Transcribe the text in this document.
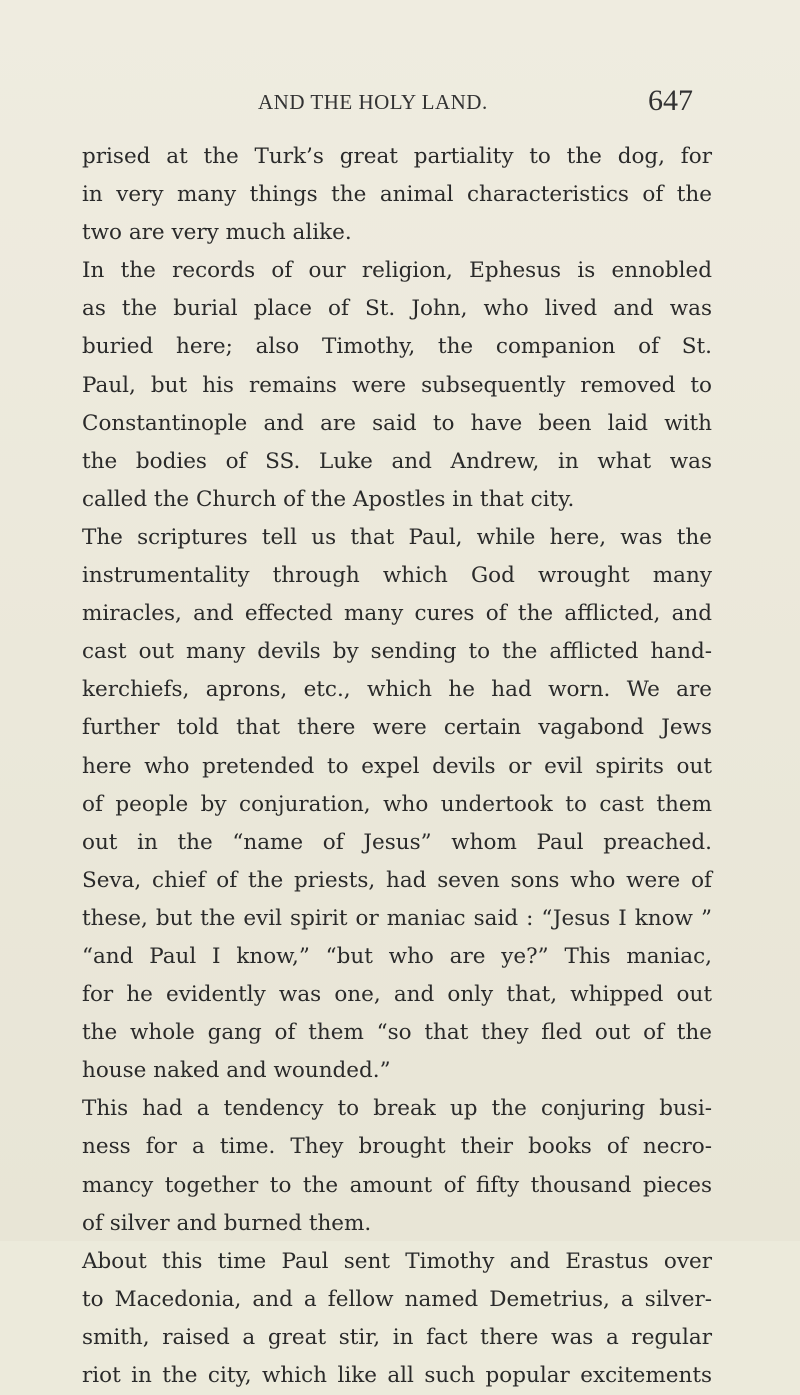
AND THE HOLY LAND.	647
prised at the Turk’s great partiality to the dog, for
in very many things the animal characteristics of the
two are very much alike.
In the records of our religion, Ephesus is ennobled
as the burial place of St. John, who lived and was
buried here; also Timothy, the companion of St.
Paul, but his remains were subsequently removed to
Constantinople and are said to have been laid with
the bodies of SS. Luke and Andrew, in what was
called the Church of the Apostles in that city.
The scriptures tell us that Paul, while here, was the
instrumentality through which God wrought many
miracles, and effected many cures of the afflicted, and
cast out many devils by sending to the afflicted hand-
kerchiefs, aprons, etc., which he had worn. We are
further told that there were certain vagabond Jews
here who pretended to expel devils or evil spirits out
of people by conjuration, who undertook to cast them
out in the “name of Jesus” whom Paul preached.
Seva, chief of the priests, had seven sons who were of
these, but the evil spirit or maniac said : “Jesus I know ”
“and Paul I know,” “but who are ye?” This maniac,
for he evidently was one, and only that, whipped out
the whole gang of them “so that they fled out of the
house naked and wounded.”
This had a tendency to break up the conjuring busi-
ness for a time. They brought their books of necro-
mancy together to the amount of fifty thousand pieces
of silver and burned them.
About this time Paul sent Timothy and Erastus over
to Macedonia, and a fellow named Demetrius, a silver-
smith, raised a great stir, in fact there was a regular
riot in the city, which like all such popular excitements
